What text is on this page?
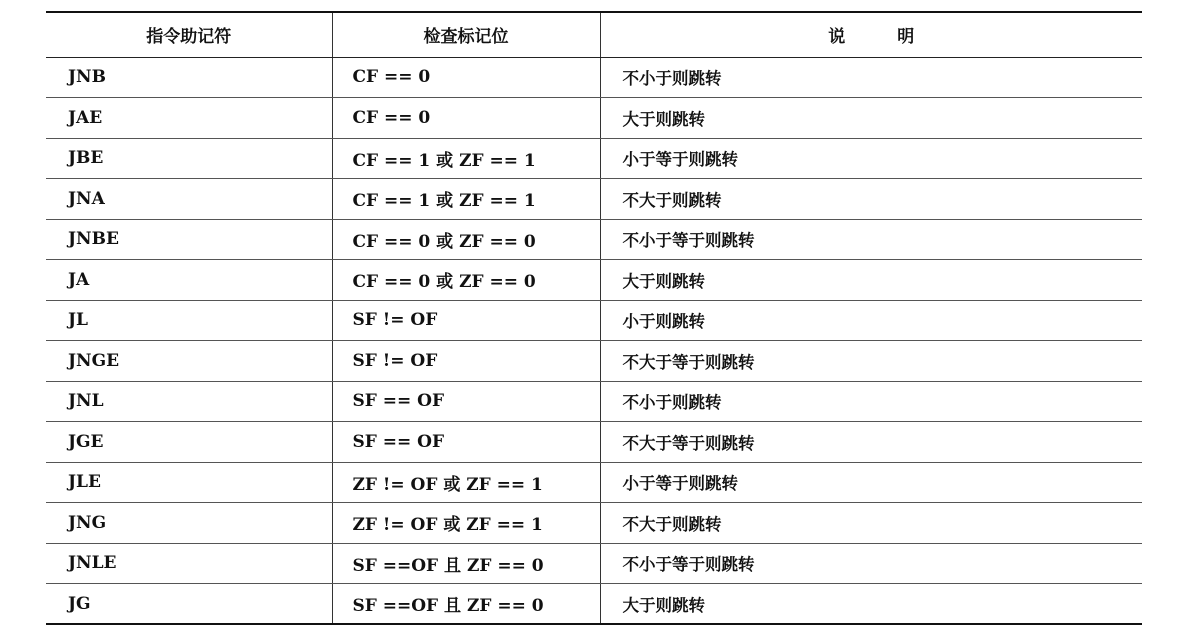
指令助记符	检查标记位	说明
JNB	CF == 0	不小于则跳转
JAE	CF == 0	大于则跳转
JBE	CF == 1 或 ZF == 1	小于等于则跳转
JNA	CF == 1 或 ZF == 1	不大于则跳转
JNBE	CF == 0 或 ZF == 0	不小于等于则跳转
JA	CF == 0 或 ZF == 0	大于则跳转
JL	SF != OF	小于则跳转
JNGE	SF != OF	不大于等于则跳转
JNL	SF == OF	不小于则跳转
JGE	SF == OF	不大于等于则跳转
JLE	ZF != OF 或 ZF == 1	小于等于则跳转
JNG	ZF != OF 或 ZF == 1	不大于则跳转
JNLE	SF ==OF 且 ZF == 0	不小于等于则跳转
JG	SF ==OF 且 ZF == 0	大于则跳转
